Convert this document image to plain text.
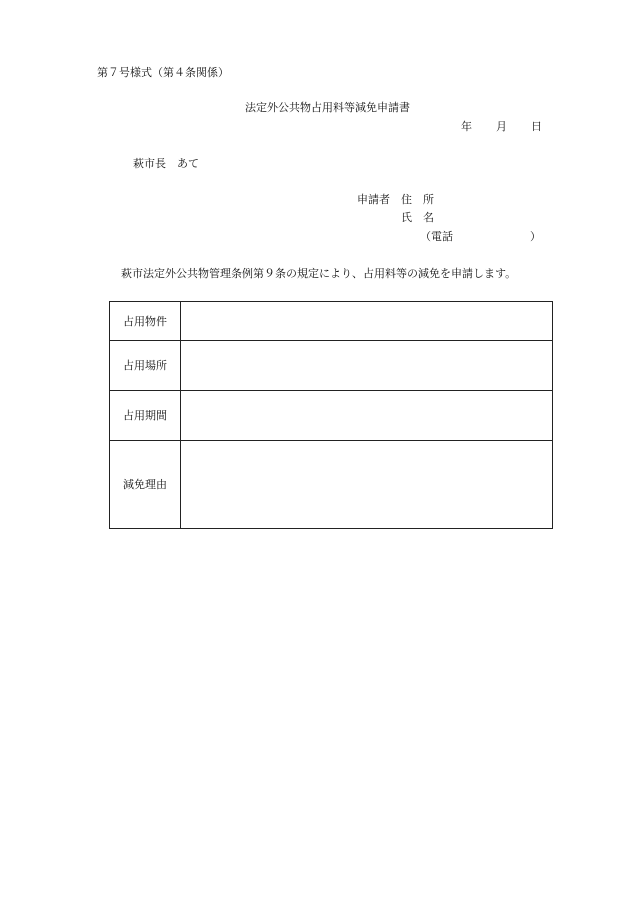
第７号様式（第４条関係）
法定外公共物占用料等減免申請書
年 月 日
萩市長　あて
申請者 住　所
氏　名
（電話	）
萩市法定外公共物管理条例第９条の規定により、占用料等の減免を申請します。
占用物件	
占用場所	
占用期間	
減免理由	
